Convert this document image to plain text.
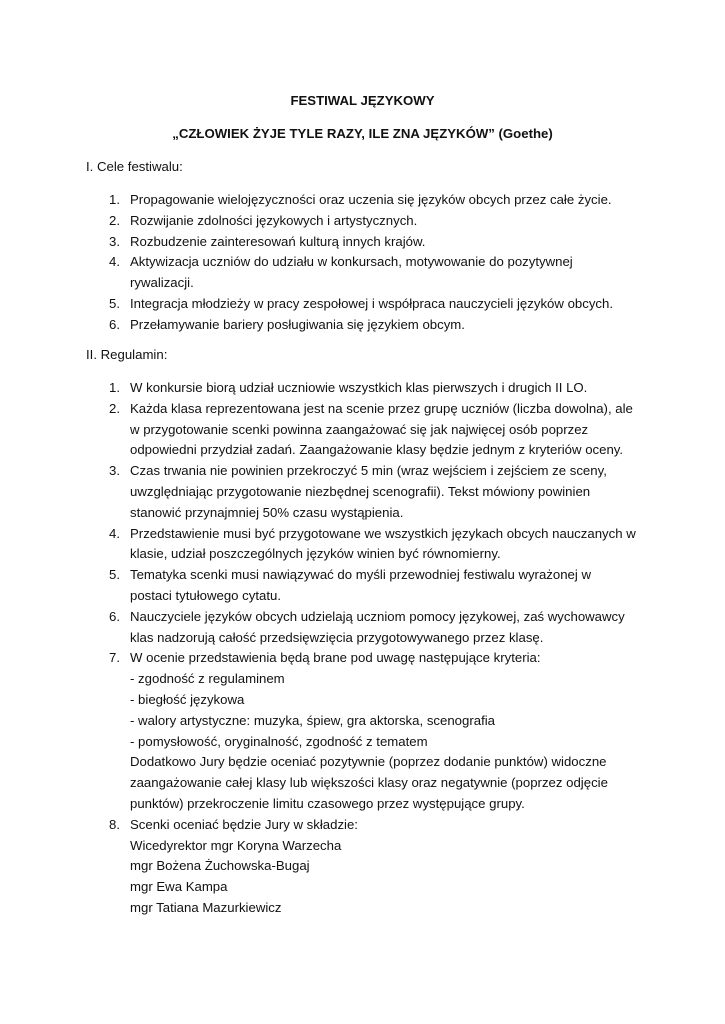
FESTIWAL JĘZYKOWY
„CZŁOWIEK ŻYJE TYLE RAZY, ILE ZNA JĘZYKÓW” (Goethe)
I. Cele festiwalu:
1. Propagowanie wielojęzyczności oraz uczenia się języków obcych przez całe życie.
2. Rozwijanie zdolności językowych i artystycznych.
3. Rozbudzenie zainteresowań kulturą innych krajów.
4. Aktywizacja uczniów do udziału w konkursach, motywowanie do pozytywnej
rywalizacji.
5. Integracja młodzieży w pracy zespołowej i współpraca nauczycieli języków obcych.
6. Przełamywanie bariery posługiwania się językiem obcym.
II. Regulamin:
1. W konkursie biorą udział uczniowie wszystkich klas pierwszych i drugich II LO.
2. Każda klasa reprezentowana jest na scenie przez grupę uczniów (liczba dowolna), ale
w przygotowanie scenki powinna zaangażować się jak najwięcej osób poprzez
odpowiedni przydział zadań. Zaangażowanie klasy będzie jednym z kryteriów oceny.
3. Czas trwania nie powinien przekroczyć 5 min (wraz wejściem i zejściem ze sceny,
uwzględniając przygotowanie niezbędnej scenografii). Tekst mówiony powinien
stanowić przynajmniej 50% czasu wystąpienia.
4. Przedstawienie musi być przygotowane we wszystkich językach obcych nauczanych w
klasie, udział poszczególnych języków winien być równomierny.
5. Tematyka scenki musi nawiązywać do myśli przewodniej festiwalu wyrażonej w
postaci tytułowego cytatu.
6. Nauczyciele języków obcych udzielają uczniom pomocy językowej, zaś wychowawcy
klas nadzorują całość przedsięwzięcia przygotowywanego przez klasę.
7. W ocenie przedstawienia będą brane pod uwagę następujące kryteria:
- zgodność z regulaminem
- biegłość językowa
- walory artystyczne: muzyka, śpiew, gra aktorska, scenografia
- pomysłowość, oryginalność, zgodność z tematem
Dodatkowo Jury będzie oceniać pozytywnie (poprzez dodanie punktów) widoczne
zaangażowanie całej klasy lub większości klasy oraz negatywnie (poprzez odjęcie
punktów) przekroczenie limitu czasowego przez występujące grupy.
8. Scenki oceniać będzie Jury w składzie:
Wicedyrektor mgr Koryna Warzecha
mgr Bożena Żuchowska-Bugaj
mgr Ewa Kampa
mgr Tatiana Mazurkiewicz
